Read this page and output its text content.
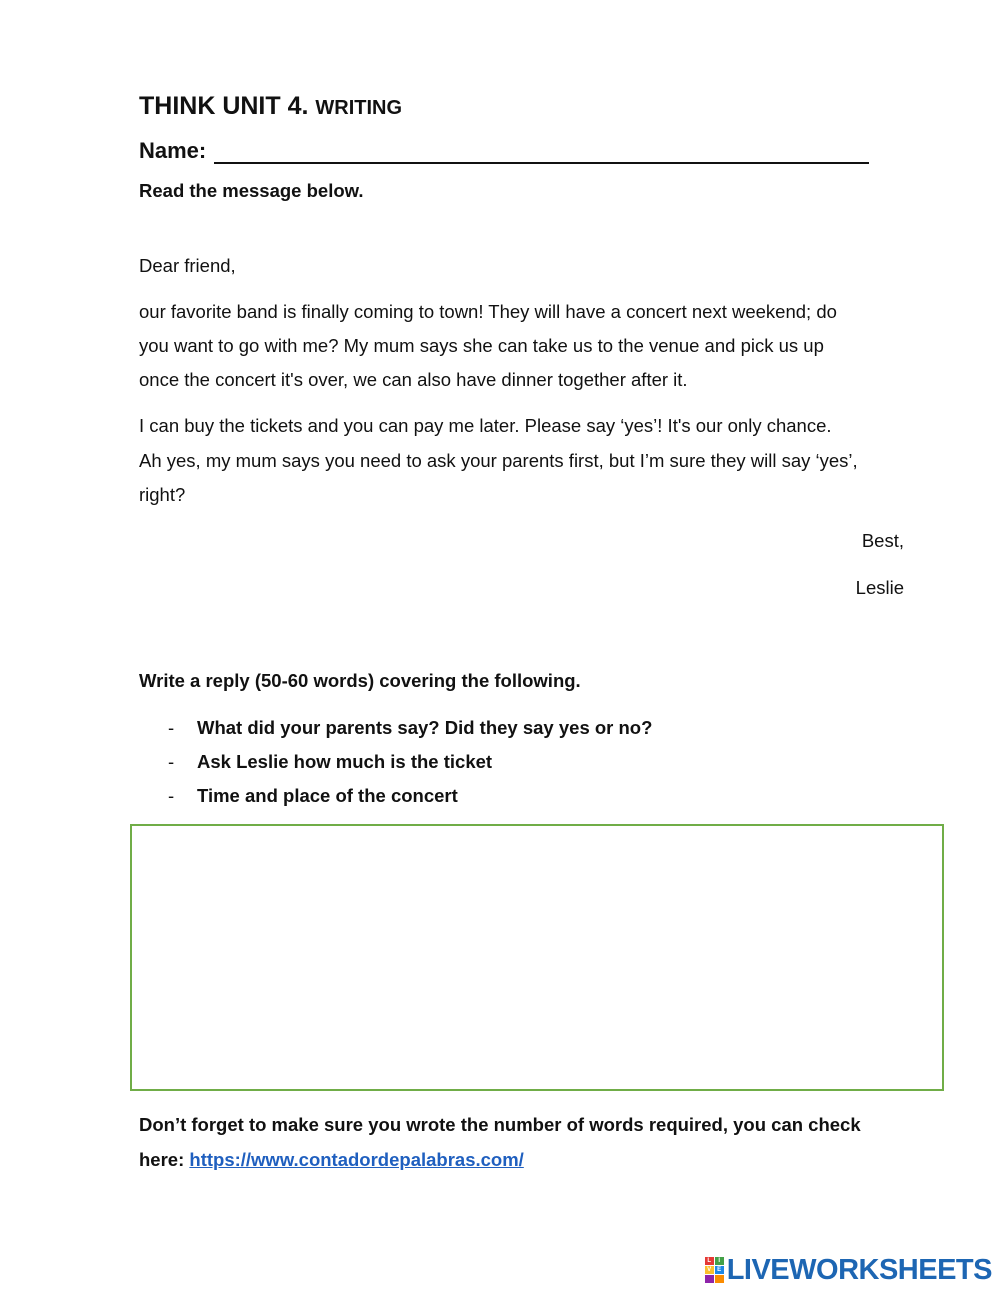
THINK UNIT 4. WRITING
Name:
Read the message below.
Dear friend,
our favorite band is finally coming to town! They will have a concert next weekend; do
you want to go with me? My mum says she can take us to the venue and pick us up
once the concert it's over, we can also have dinner together after it.
I can buy the tickets and you can pay me later. Please say ‘yes’! It's our only chance.
Ah yes, my mum says you need to ask your parents first, but I’m sure they will say ‘yes’,
right?
Best,
Leslie
Write a reply (50-60 words) covering the following.
- What did your parents say? Did they say yes or no?
- Ask Leslie how much is the ticket
- Time and place of the concert
Don’t forget to make sure you wrote the number of words required, you can check
here: https://www.contadordepalabras.com/
L	I
V E LIVEWORKSHEETS
